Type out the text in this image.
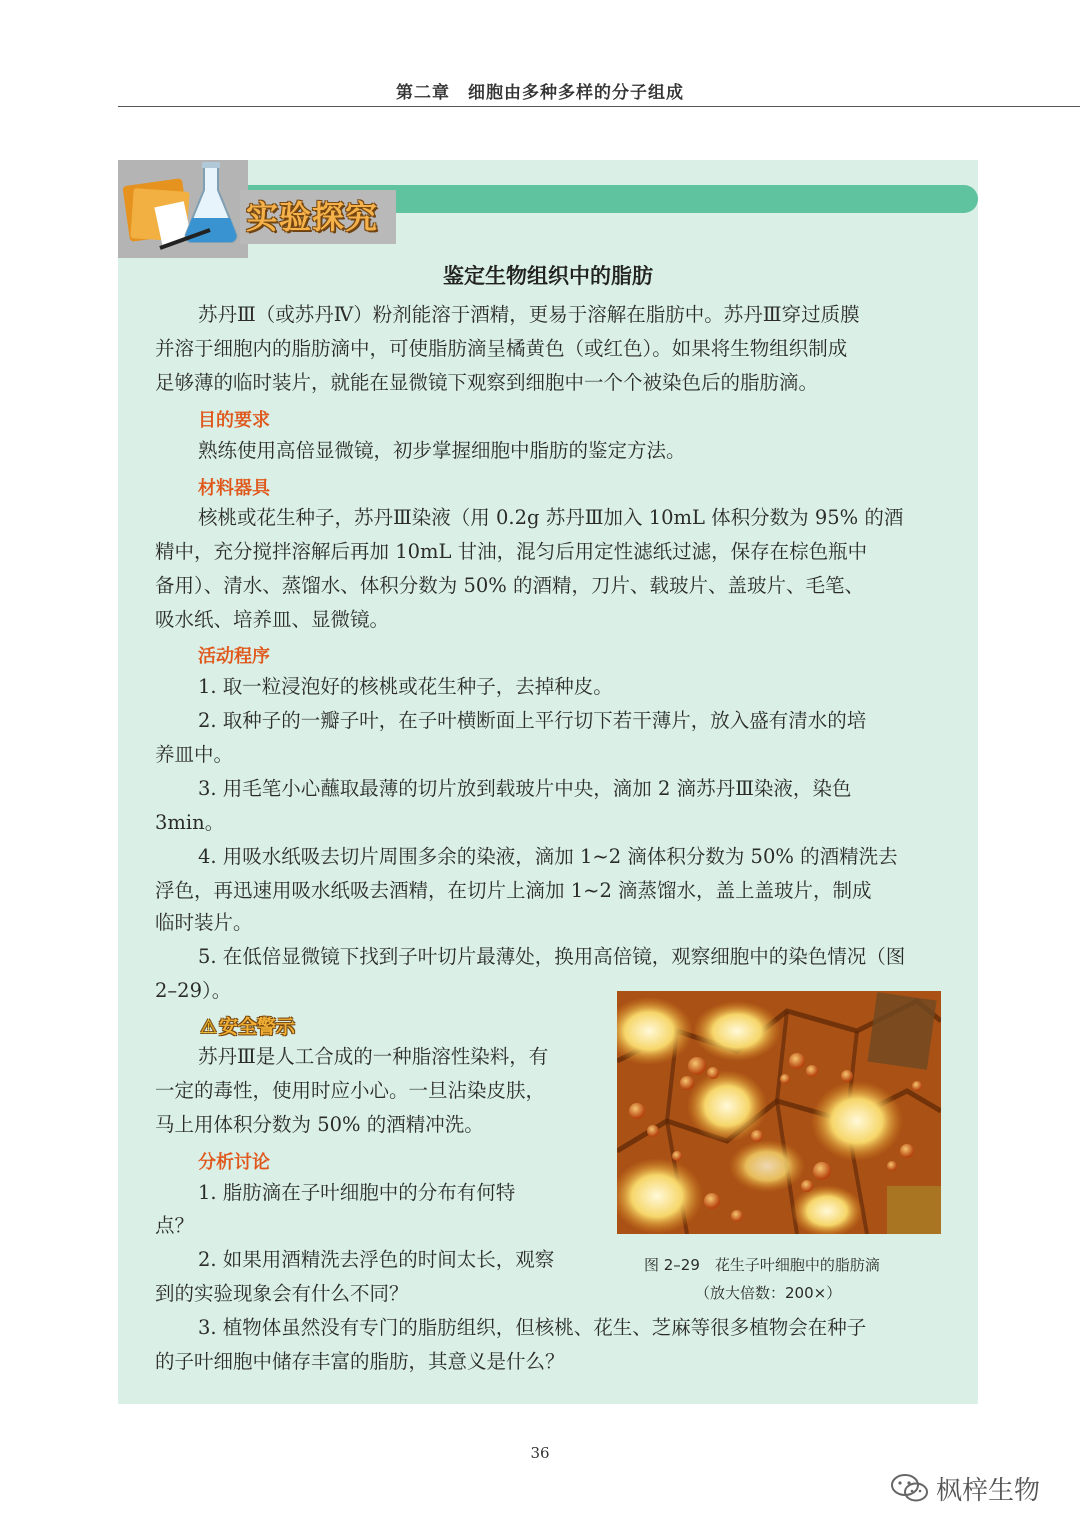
第二章　细胞由多种多样的分子组成
实验探究
鉴定生物组织中的脂肪
苏丹Ⅲ（或苏丹Ⅳ）粉剂能溶于酒精，更易于溶解在脂肪中。苏丹Ⅲ穿过质膜
并溶于细胞内的脂肪滴中，可使脂肪滴呈橘黄色（或红色）。如果将生物组织制成
足够薄的临时装片，就能在显微镜下观察到细胞中一个个被染色后的脂肪滴。
目的要求
熟练使用高倍显微镜，初步掌握细胞中脂肪的鉴定方法。
材料器具
核桃或花生种子，苏丹Ⅲ染液（用 0.2g 苏丹Ⅲ加入 10mL 体积分数为 95% 的酒
精中，充分搅拌溶解后再加 10mL 甘油，混匀后用定性滤纸过滤，保存在棕色瓶中
备用）、清水、蒸馏水、体积分数为 50% 的酒精，刀片、载玻片、盖玻片、毛笔、
吸水纸、培养皿、显微镜。
活动程序
1. 取一粒浸泡好的核桃或花生种子，去掉种皮。
2. 取种子的一瓣子叶，在子叶横断面上平行切下若干薄片，放入盛有清水的培
养皿中。
3. 用毛笔小心蘸取最薄的切片放到载玻片中央，滴加 2 滴苏丹Ⅲ染液，染色
3min。
4. 用吸水纸吸去切片周围多余的染液，滴加 1~2 滴体积分数为 50% 的酒精洗去
浮色，再迅速用吸水纸吸去酒精，在切片上滴加 1~2 滴蒸馏水，盖上盖玻片，制成
临时装片。
5. 在低倍显微镜下找到子叶切片最薄处，换用高倍镜，观察细胞中的染色情况（图
2–29）。
⚠ 安全警示
苏丹Ⅲ是人工合成的一种脂溶性染料，有
一定的毒性，使用时应小心。一旦沾染皮肤，
马上用体积分数为 50% 的酒精冲洗。
分析讨论
1. 脂肪滴在子叶细胞中的分布有何特
点？
2. 如果用酒精洗去浮色的时间太长，观察
到的实验现象会有什么不同？
3. 植物体虽然没有专门的脂肪组织，但核桃、花生、芝麻等很多植物会在种子
的子叶细胞中储存丰富的脂肪，其意义是什么？
图 2–29　花生子叶细胞中的脂肪滴
（放大倍数：200×）
36
枫梓生物
